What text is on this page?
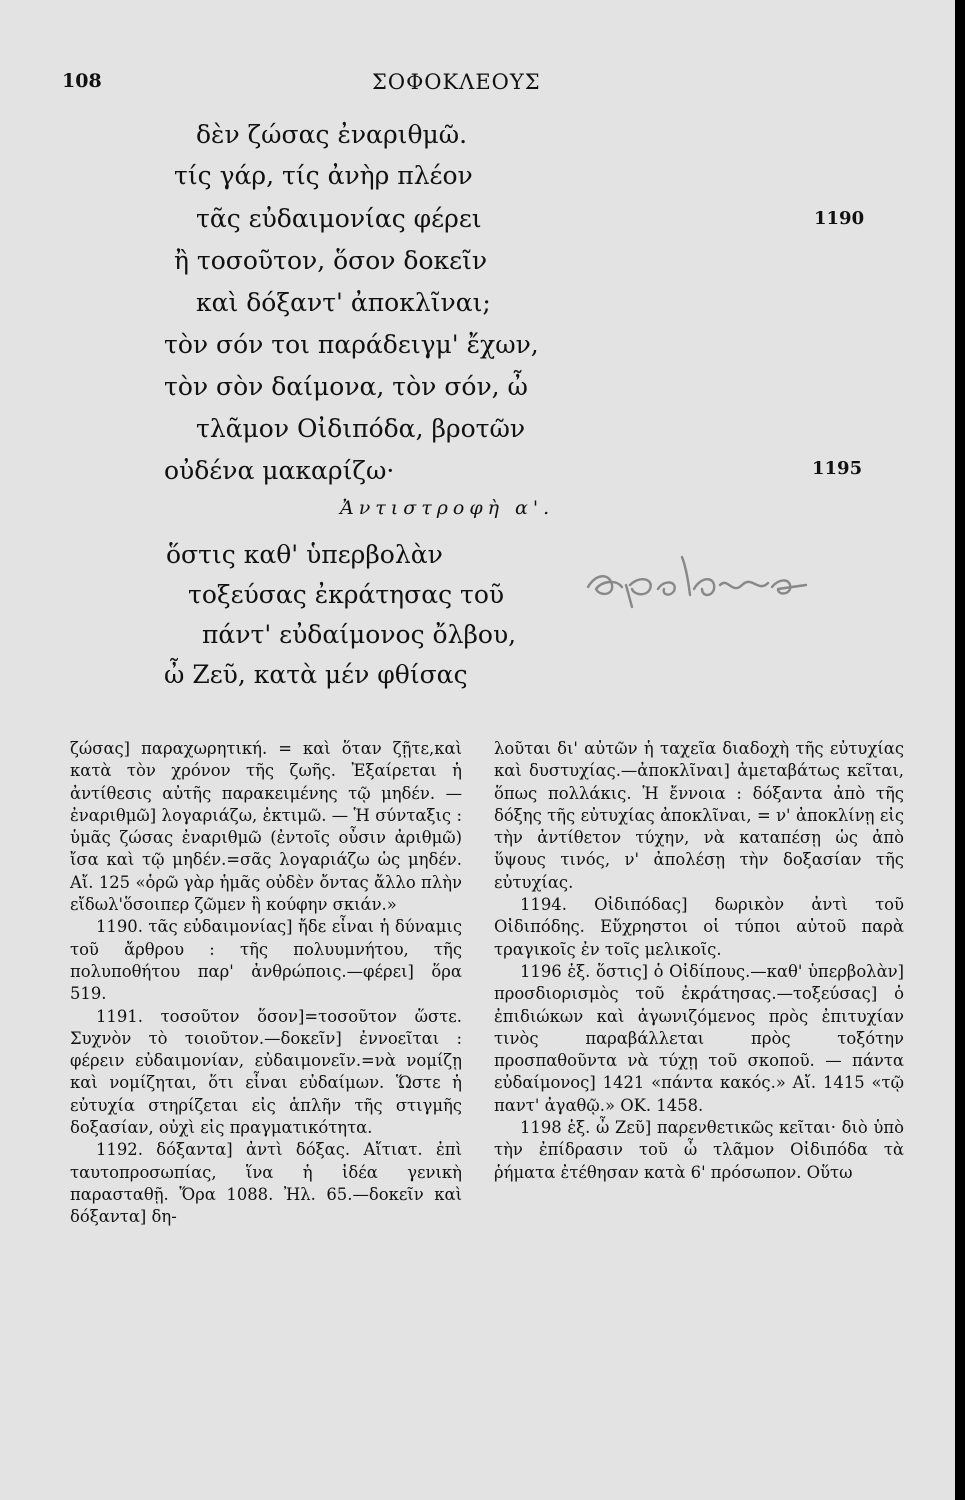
108	ΣΟΦΟΚΛΕΟΥΣ
δὲν ζώσας ἐναριθμῶ.
τίς γάρ, τίς ἀνὴρ πλέον
τᾶς εὐδαιμονίας φέρει
ἢ τοσοῦτον, ὅσον δοκεῖν
καὶ δόξαντ' ἀποκλῖναι;
τὸν σόν τοι παράδειγμ' ἔχων,
τὸν σὸν δαίμονα, τὸν σόν, ὦ
τλᾶμον Οἰδιπόδα, βροτῶν
οὐδένα μακαρίζω·
1190
1195
Ἀντιστροφὴ α'.
ὅστις καθ' ὑπερβολὰν
τοξεύσας ἐκράτησας τοῦ
πάντ' εὐδαίμονος ὄλβου,
ὦ Ζεῦ, κατὰ μέν φθίσας
ἀφελήσει

ζώσας] παραχωρητική. = καὶ ὅταν ζῇτε,καὶ κατὰ τὸν χρόνον τῆς ζωῆς. Ἐξαίρεται ἡ ἀντίθεσις αὐτῆς παρακειμένης τῷ μηδέν. — ἐναριθμῶ] λογαριάζω, ἐκτιμῶ. — Ἡ σύνταξις : ὑμᾶς ζώσας ἐναριθμῶ (ἐντοῖς οὖσιν ἀριθμῶ) ἴσα καὶ τῷ μηδέν.=σᾶς λογαριάζω ὡς μηδέν. Αἴ. 125 «ὁρῶ γὰρ ἡμᾶς οὐδὲν ὄντας ἄλλο πλὴν εἴδωλ'ὅσοιπερ ζῶμεν ἢ κούφην σκιάν.»

1190. τᾶς εὐδαιμονίας] ἤδε εἶναι ἡ δύναμις τοῦ ἄρθρου : τῆς πολυυμνήτου, τῆς πολυποθήτου παρ' ἀνθρώποις.—φέρει] ὅρα 519.

1191. τοσοῦτον ὅσον]=τοσοῦτον ὥστε. Συχνὸν τὸ τοιοῦτον.—δοκεῖν] ἐννοεῖται : φέρειν εὐδαιμονίαν, εὐδαιμονεῖν.=νὰ νομίζῃ καὶ νομίζηται, ὅτι εἶναι εὐδαίμων. Ὥστε ἡ εὐτυχία στηρίζεται εἰς ἁπλῆν τῆς στιγμῆς δοξασίαν, οὐχὶ εἰς πραγματικότητα.

1192. δόξαντα] ἀντὶ δόξας. Αἴτιατ. ἐπὶ ταυτοπροσωπίας, ἵνα ἡ ἰδέα γενικὴ παρασταθῇ. Ὅρα 1088. Ἠλ. 65.—δοκεῖν καὶ δόξαντα] δη-

λοῦται δι' αὐτῶν ἡ ταχεῖα διαδοχὴ τῆς εὐτυχίας καὶ δυστυχίας.—ἀποκλῖναι] ἀμεταβάτως κεῖται, ὅπως πολλάκις. Ἡ ἔννοια : δόξαντα ἀπὸ τῆς δόξης τῆς εὐτυχίας ἀποκλῖναι, = ν' ἀποκλίνῃ εἰς τὴν ἀντίθετον τύχην, νὰ καταπέσῃ ὡς ἀπὸ ὕψους τινός, ν' ἀπολέσῃ τὴν δοξασίαν τῆς εὐτυχίας.

1194. Οἰδιπόδας] δωρικὸν ἀντὶ τοῦ Οἰδιπόδης. Εὔχρηστοι οἱ τύποι αὐτοῦ παρὰ τραγικοῖς ἐν τοῖς μελικοῖς.

1196 ἑξ. ὅστις] ὁ Οἰδίπους.—καθ' ὑπερβολὰν] προσδιορισμὸς τοῦ ἐκράτησας.—τοξεύσας] ὁ ἐπιδιώκων καὶ ἀγωνιζόμενος πρὸς ἐπιτυχίαν τινὸς παραβάλλεται πρὸς τοξότην προσπαθοῦντα νὰ τύχῃ τοῦ σκοποῦ. — πάντα εὐδαίμονος] 1421 «πάντα κακός.» Αἴ. 1415 «τῷ παντ' ἀγαθῷ.» ΟΚ. 1458.

1198 ἑξ. ὦ Ζεῦ] παρενθετικῶς κεῖται· διὸ ὑπὸ τὴν ἐπίδρασιν τοῦ ὦ τλᾶμον Οἰδιπόδα τὰ ῥήματα ἐτέθησαν κατὰ 6' πρόσωπον. Οὕτω
